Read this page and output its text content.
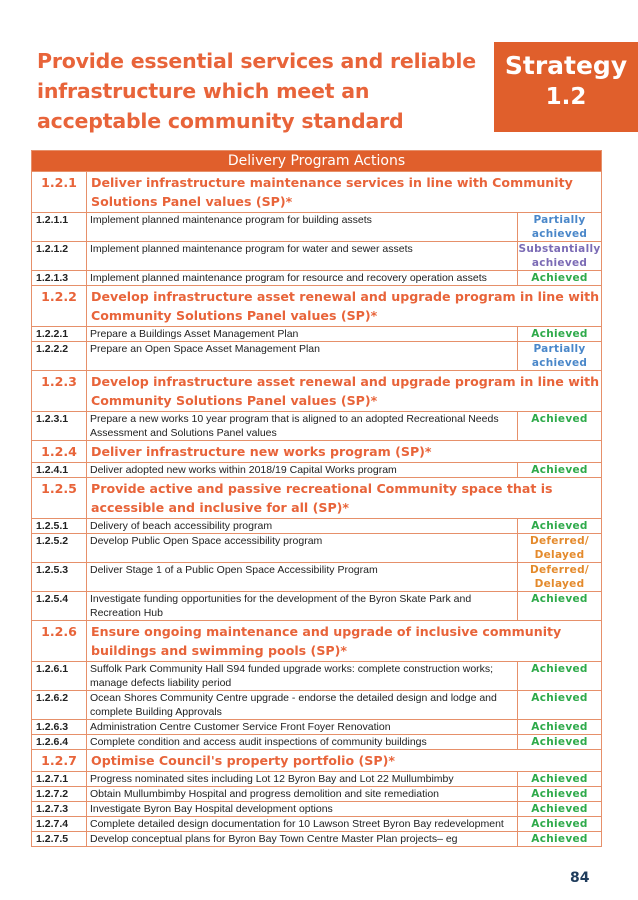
Provide essential services and reliable infrastructure which meet an acceptable community standard
Strategy
1.2
Delivery Program Actions		
1.2.1	Deliver infrastructure maintenance services in line with Community Solutions Panel values (SP)*	
1.2.1.1	Implement planned maintenance program for building assets	Partially achieved
1.2.1.2	Implement planned maintenance program for water and sewer assets	Substantially achieved
1.2.1.3	Implement planned maintenance program for resource and recovery operation assets	Achieved
1.2.2	Develop infrastructure asset renewal and upgrade program in line with Community Solutions Panel values (SP)*	
1.2.2.1	Prepare a Buildings Asset Management Plan	Achieved
1.2.2.2	Prepare an Open Space Asset Management Plan	Partially achieved
1.2.3	Develop infrastructure asset renewal and upgrade program in line with Community Solutions Panel values (SP)*	
1.2.3.1	Prepare a new works 10 year program that is aligned to an adopted Recreational Needs Assessment and Solutions Panel values	Achieved
1.2.4	Deliver infrastructure new works program (SP)*	
1.2.4.1	Deliver adopted new works within 2018/19 Capital Works program	Achieved
1.2.5	Provide active and passive recreational Community space that is accessible and inclusive for all (SP)*	
1.2.5.1	Delivery of beach accessibility program	Achieved
1.2.5.2	Develop Public Open Space accessibility program	Deferred/ Delayed
1.2.5.3	Deliver Stage 1 of a Public Open Space Accessibility Program	Deferred/ Delayed
1.2.5.4	Investigate funding opportunities for the development of the Byron Skate Park and Recreation Hub	Achieved
1.2.6	Ensure ongoing maintenance and upgrade of inclusive community buildings and swimming pools (SP)*	
1.2.6.1	Suffolk Park Community Hall S94 funded upgrade works: complete construction works; manage defects liability period	Achieved
1.2.6.2	Ocean Shores Community Centre upgrade - endorse the detailed design and lodge and complete Building Approvals	Achieved
1.2.6.3	Administration Centre Customer Service Front Foyer Renovation	Achieved
1.2.6.4	Complete condition and access audit inspections of community buildings	Achieved
1.2.7	Optimise Council's property portfolio (SP)*	
1.2.7.1	Progress nominated sites including Lot 12 Byron Bay and Lot 22 Mullumbimby	Achieved
1.2.7.2	Obtain Mullumbimby Hospital and progress demolition and site remediation	Achieved
1.2.7.3	Investigate Byron Bay Hospital development options	Achieved
1.2.7.4	Complete detailed design documentation for 10 Lawson Street Byron Bay redevelopment	Achieved
1.2.7.5	Develop conceptual plans for Byron Bay Town Centre Master Plan projects– eg	Achieved
84
